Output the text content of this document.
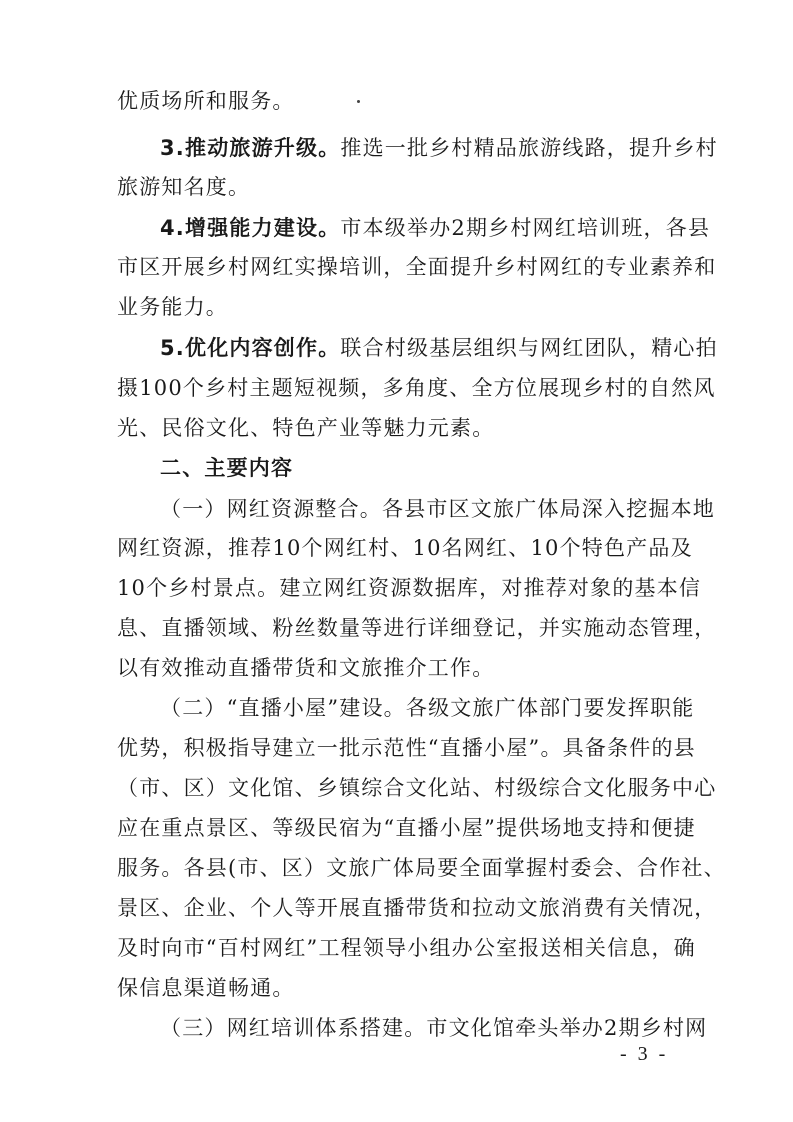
优质场所和服务。
3.推动旅游升级。推选一批乡村精品旅游线路，提升乡村
旅游知名度。
4.增强能力建设。市本级举办2期乡村网红培训班，各县
市区开展乡村网红实操培训，全面提升乡村网红的专业素养和
业务能力。
5.优化内容创作。联合村级基层组织与网红团队，精心拍
摄100个乡村主题短视频，多角度、全方位展现乡村的自然风
光、民俗文化、特色产业等魅力元素。
二、主要内容
（一）网红资源整合。各县市区文旅广体局深入挖掘本地
网红资源，推荐10个网红村、10名网红、10个特色产品及
10个乡村景点。建立网红资源数据库，对推荐对象的基本信
息、直播领域、粉丝数量等进行详细登记，并实施动态管理，
以有效推动直播带货和文旅推介工作。
（二）“直播小屋”建设。各级文旅广体部门要发挥职能
优势，积极指导建立一批示范性“直播小屋”。具备条件的县
（市、区）文化馆、乡镇综合文化站、村级综合文化服务中心
应在重点景区、等级民宿为“直播小屋”提供场地支持和便捷
服务。各县(市、区）文旅广体局要全面掌握村委会、合作社、
景区、企业、个人等开展直播带货和拉动文旅消费有关情况，
及时向市“百村网红”工程领导小组办公室报送相关信息，确
保信息渠道畅通。
（三）网红培训体系搭建。市文化馆牵头举办2期乡村网
- 3 -
